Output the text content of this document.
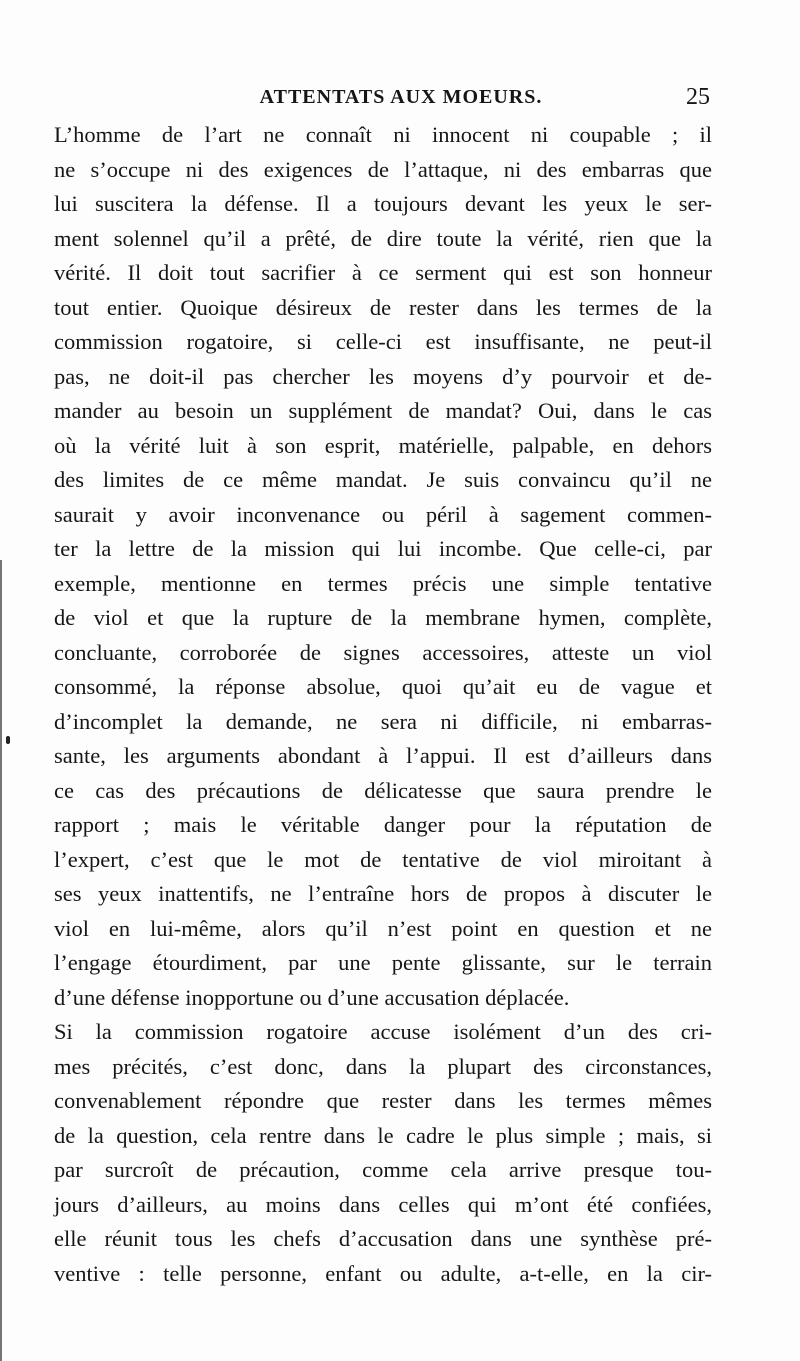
ATTENTATS AUX MOEURS.	25
L’homme de l’art ne connaît ni innocent ni coupable ; il
ne s’occupe ni des exigences de l’attaque, ni des embarras que
lui suscitera la défense. Il a toujours devant les yeux le ser-
ment solennel qu’il a prêté, de dire toute la vérité, rien que la
vérité. Il doit tout sacrifier à ce serment qui est son honneur
tout entier. Quoique désireux de rester dans les termes de la
commission rogatoire, si celle-ci est insuffisante, ne peut-il
pas, ne doit-il pas chercher les moyens d’y pourvoir et de-
mander au besoin un supplément de mandat? Oui, dans le cas
où la vérité luit à son esprit, matérielle, palpable, en dehors
des limites de ce même mandat. Je suis convaincu qu’il ne
saurait y avoir inconvenance ou péril à sagement commen-
ter la lettre de la mission qui lui incombe. Que celle-ci, par
exemple, mentionne en termes précis une simple tentative
de viol et que la rupture de la membrane hymen, complète,
concluante, corroborée de signes accessoires, atteste un viol
consommé, la réponse absolue, quoi qu’ait eu de vague et
d’incomplet la demande, ne sera ni difficile, ni embarras-
sante, les arguments abondant à l’appui. Il est d’ailleurs dans
ce cas des précautions de délicatesse que saura prendre le
rapport ; mais le véritable danger pour la réputation de
l’expert, c’est que le mot de tentative de viol miroitant à
ses yeux inattentifs, ne l’entraîne hors de propos à discuter le
viol en lui-même, alors qu’il n’est point en question et ne
l’engage étourdiment, par une pente glissante, sur le terrain
d’une défense inopportune ou d’une accusation déplacée.
Si la commission rogatoire accuse isolément d’un des cri-
mes précités, c’est donc, dans la plupart des circonstances,
convenablement répondre que rester dans les termes mêmes
de la question, cela rentre dans le cadre le plus simple ; mais, si
par surcroît de précaution, comme cela arrive presque tou-
jours d’ailleurs, au moins dans celles qui m’ont été confiées,
elle réunit tous les chefs d’accusation dans une synthèse pré-
ventive : telle personne, enfant ou adulte, a-t-elle, en la cir-
